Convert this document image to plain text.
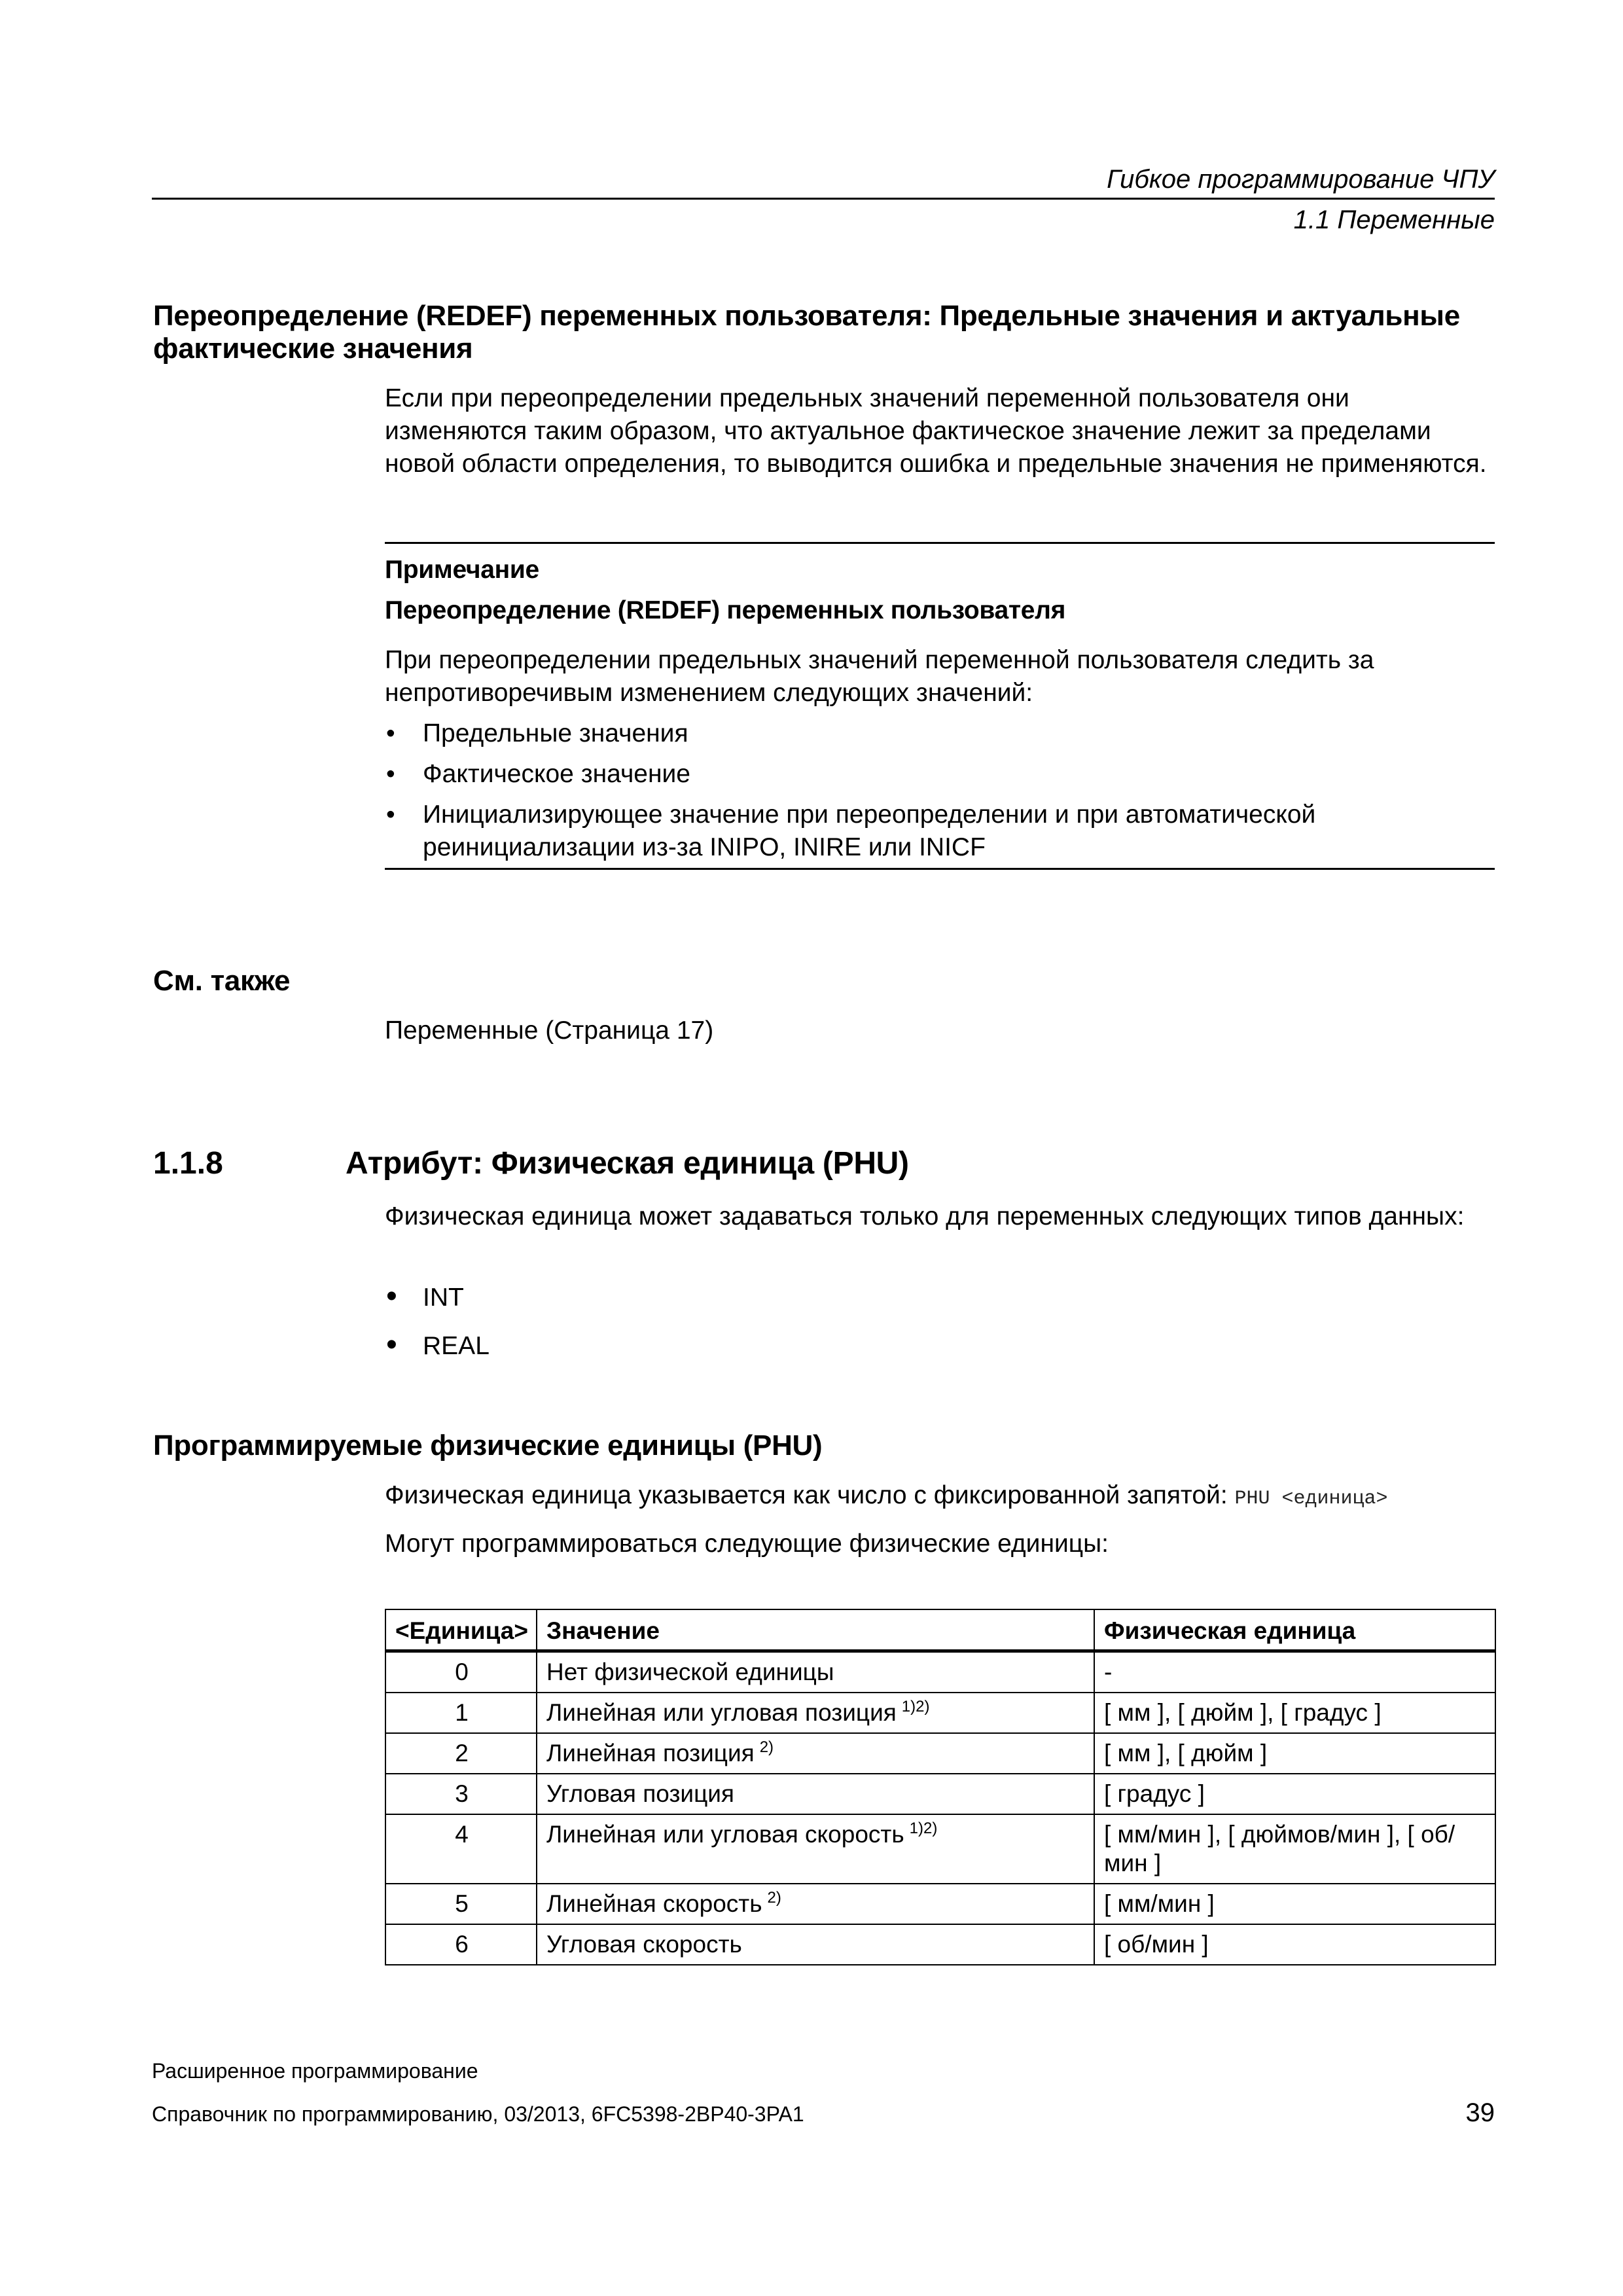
Гибкое программирование ЧПУ
1.1 Переменные
Переопределение (REDEF) переменных пользователя: Предельные значения и актуальные
фактические значения
Если при переопределении предельных значений переменной пользователя они изменяются таким образом, что актуальное фактическое значение лежит за пределами новой области определения, то выводится ошибка и предельные значения не применяются.
Примечание
Переопределение (REDEF) переменных пользователя
При переопределении предельных значений переменной пользователя следить за непротиворечивым изменением следующих значений:
• Предельные значения
• Фактическое значение
• Инициализирующее значение при переопределении и при автоматической реинициализации из-за INIPO, INIRE или INICF
См. также
Переменные (Страница 17)
1.1.8	Атрибут: Физическая единица (PHU)
Физическая единица может задаваться только для переменных следующих типов данных:
• INT
• REAL
Программируемые физические единицы (PHU)
Физическая единица указывается как число с фиксированной запятой: PHU <единица>
Могут программироваться следующие физические единицы:
<Единица>	Значение	Физическая единица
0	Нет физической единицы	-
1	Линейная или угловая позиция $^{1)2)}$	[ мм ], [ дюйм ], [ градус ]
2	Линейная позиция $^{2)}$	[ мм ], [ дюйм ]
3	Угловая позиция	[ градус ]
4	Линейная или угловая скорость $^{1)2)}$	[ мм/мин ], [ дюймов/мин ], [ об/мин ]
5	Линейная скорость $^{2)}$	[ мм/мин ]
6	Угловая скорость	[ об/мин ]
Расширенное программирование
Справочник по программированию, 03/2013, 6FC5398-2BP40-3PA1	39
